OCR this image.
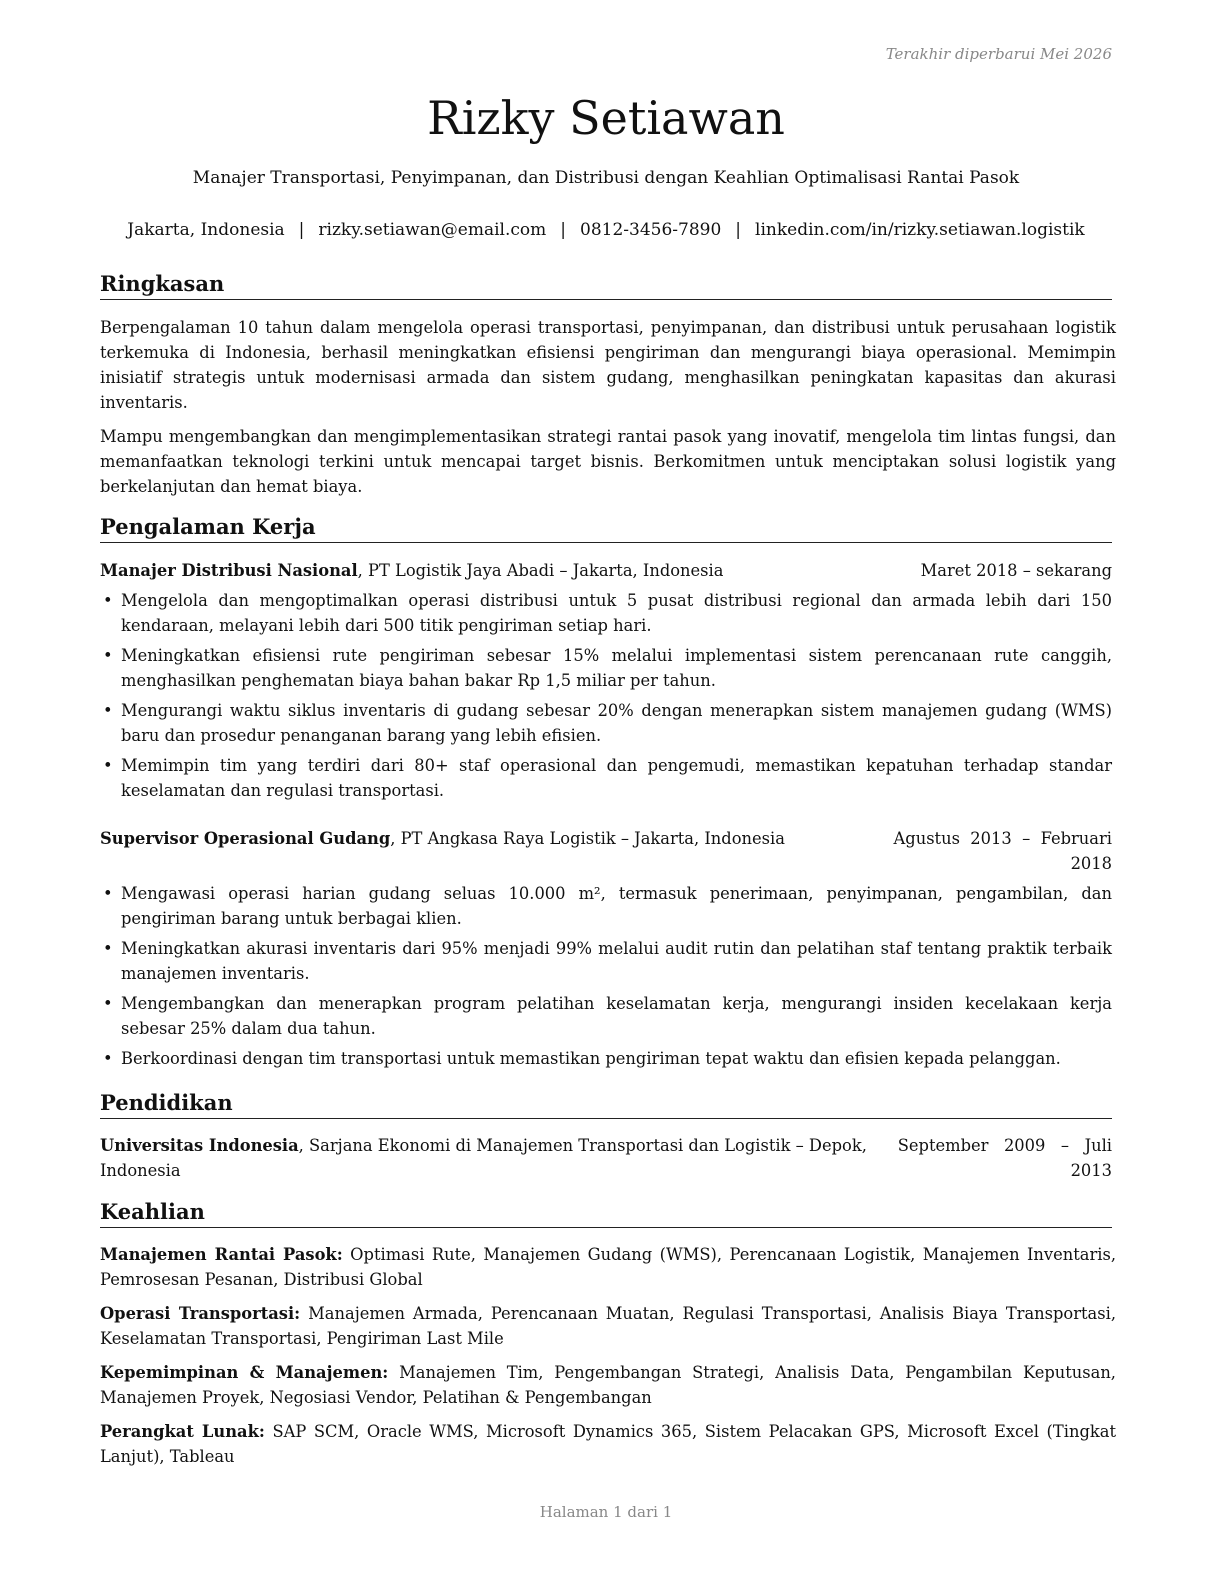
Terakhir diperbarui Mei 2026
Rizky Setiawan
Manajer Transportasi, Penyimpanan, dan Distribusi dengan Keahlian Optimalisasi Rantai Pasok
Jakarta, Indonesia | rizky.setiawan@email.com | 0812-3456-7890 | linkedin.com/in/rizky.setiawan.logistik
Ringkasan
Berpengalaman 10 tahun dalam mengelola operasi transportasi, penyimpanan, dan distribusi untuk perusahaan logistik terkemuka di Indonesia, berhasil meningkatkan efisiensi pengiriman dan mengurangi biaya operasional. Memimpin inisiatif strategis untuk modernisasi armada dan sistem gudang, menghasilkan peningkatan kapasitas dan akurasi inventaris.
Mampu mengembangkan dan mengimplementasikan strategi rantai pasok yang inovatif, mengelola tim lintas fungsi, dan memanfaatkan teknologi terkini untuk mencapai target bisnis. Berkomitmen untuk menciptakan solusi logistik yang berkelanjutan dan hemat biaya.
Pengalaman Kerja
Manajer Distribusi Nasional, PT Logistik Jaya Abadi – Jakarta, Indonesia	Maret 2018 – sekarang
• Mengelola dan mengoptimalkan operasi distribusi untuk 5 pusat distribusi regional dan armada lebih dari 150 kendaraan, melayani lebih dari 500 titik pengiriman setiap hari.
• Meningkatkan efisiensi rute pengiriman sebesar 15% melalui implementasi sistem perencanaan rute canggih, menghasilkan penghematan biaya bahan bakar Rp 1,5 miliar per tahun.
• Mengurangi waktu siklus inventaris di gudang sebesar 20% dengan menerapkan sistem manajemen gudang (WMS) baru dan prosedur penanganan barang yang lebih efisien.
• Memimpin tim yang terdiri dari 80+ staf operasional dan pengemudi, memastikan kepatuhan terhadap standar keselamatan dan regulasi transportasi.
Supervisor Operasional Gudang, PT Angkasa Raya Logistik – Jakarta, Indonesia	Agustus  2013  –  Februari
2018
• Mengawasi operasi harian gudang seluas 10.000 m², termasuk penerimaan, penyimpanan, pengambilan, dan pengiriman barang untuk berbagai klien.
• Meningkatkan akurasi inventaris dari 95% menjadi 99% melalui audit rutin dan pelatihan staf tentang praktik terbaik manajemen inventaris.
• Mengembangkan dan menerapkan program pelatihan keselamatan kerja, mengurangi insiden kecelakaan kerja sebesar 25% dalam dua tahun.
• Berkoordinasi dengan tim transportasi untuk memastikan pengiriman tepat waktu dan efisien kepada pelanggan.
Pendidikan
Universitas Indonesia, Sarjana Ekonomi di Manajemen Transportasi dan Logistik – Depok,
Indonesia
September   2009   –   Juli
2013
Keahlian
Manajemen Rantai Pasok: Optimasi Rute, Manajemen Gudang (WMS), Perencanaan Logistik, Manajemen Inventaris, Pemrosesan Pesanan, Distribusi Global
Operasi Transportasi: Manajemen Armada, Perencanaan Muatan, Regulasi Transportasi, Analisis Biaya Transportasi, Keselamatan Transportasi, Pengiriman Last Mile
Kepemimpinan & Manajemen: Manajemen Tim, Pengembangan Strategi, Analisis Data, Pengambilan Keputusan, Manajemen Proyek, Negosiasi Vendor, Pelatihan & Pengembangan
Perangkat Lunak: SAP SCM, Oracle WMS, Microsoft Dynamics 365, Sistem Pelacakan GPS, Microsoft Excel (Tingkat Lanjut), Tableau
Halaman 1 dari 1
